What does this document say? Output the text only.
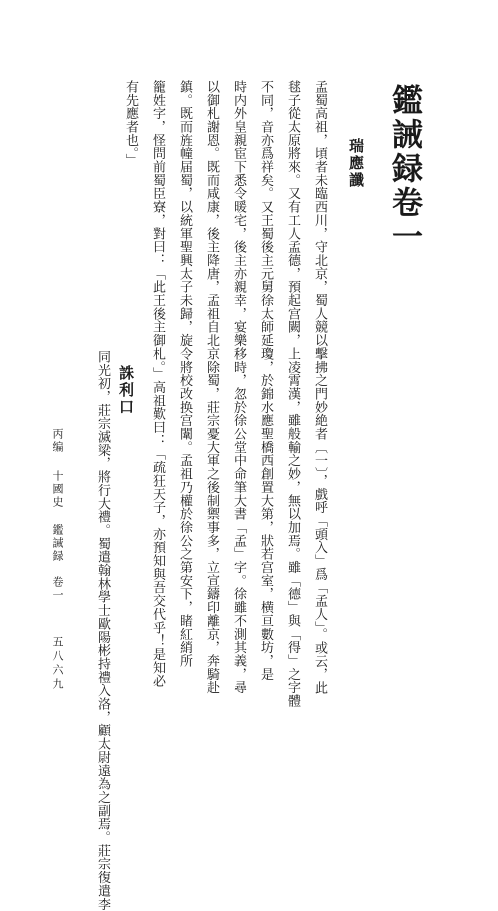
鑑誡録卷一
瑞應讖
孟蜀高祖，頃者未臨西川，守北京，蜀人競以擊拂之門妙絶者〔一〕，戲呼「頭入」爲「孟人」。或云，此
毬子從太原將來。又有工人孟德，預起宫闕，上凌霄漢，雖般輸之妙，無以加焉。雖「德」與「得」之字體
不同，音亦爲祥矣。又王蜀後主元舅徐太師延瓊，於錦水應聖橋西創置大第，狀若宫室，横亘數坊，是
時内外皇親宦下悉令暖宅，後主亦親幸，宴樂移時，忽於徐公堂中命筆大書「孟」字。徐雖不測其義，尋
以御札謝恩。既而咸康，後主降唐，孟祖自北京除蜀，莊宗憂大軍之後制禦事多，立宣鑄印離京，奔騎赴
鎮。既而旌幢届蜀，以統軍聖興太子未歸，旋令將校改换宫闈。孟祖乃權於徐公之第安下，睹紅綃所
籠姓字，怪問前蜀臣寮，對曰：「此王後主御札。」高祖歎曰：「疏狂天子，亦預知與吾交代乎！是知必
有先應者也。」
誅利口
同光初，莊宗滅梁，將行大禮。蜀遣翰林學士歐陽彬持禮入洛，顧太尉遠為之副焉。莊宗復遣李
丙编
十國史
鑑誡録　卷一
五八六九
